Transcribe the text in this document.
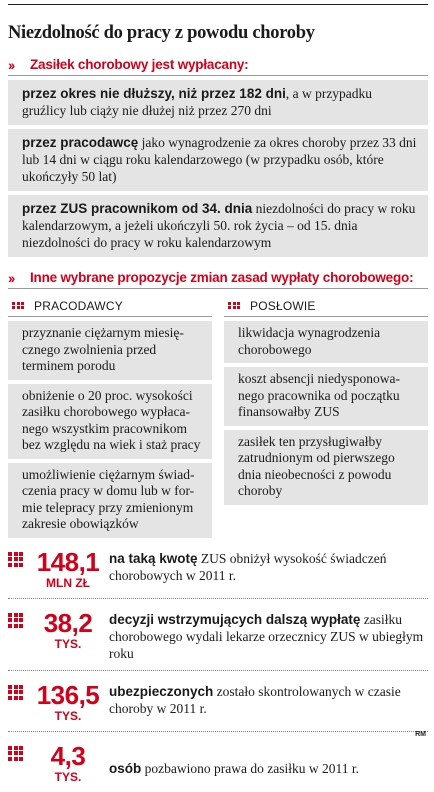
Niezdolność do pracy z powodu choroby
››	Zasiłek chorobowy jest wypłacany:
przez okres nie dłuższy, niż przez 182 dni, a w przypadku gruźlicy lub ciąży nie dłużej niż przez 270 dni
przez pracodawcę jako wynagrodzenie za okres choroby przez 33 dni lub 14 dni w ciągu roku kalendarzowego (w przypadku osób, które ukończyły 50 lat)
przez ZUS pracownikom od 34. dnia niezdolności do pracy w roku kalendarzowym, a jeżeli ukończyli 50. rok życia – od 15. dnia niezdolności do pracy w roku kalendarzowym
››	Inne wybrane propozycje zmian zasad wypłaty chorobowego:
PRACODAWCY
przyznanie ciężarnym miesię-cznego zwolnienia przed terminem porodu
obniżenie o 20 proc. wysokości zasiłku chorobowego wypłaca-nego wszystkim pracownikom bez względu na wiek i staż pracy
umożliwienie ciężarnym świad-czenia pracy w domu lub w for-mie telepracy przy zmienionym zakresie obowiązków
POSŁOWIE
likwidacja wynagrodzenia chorobowego
koszt absencji niedysponowa-nego pracownika od początku finansowałby ZUS
zasiłek ten przysługiwałby zatrudnionym od pierwszego dnia nieobecności z powodu choroby
148,1
MLN ZŁ
na taką kwotę ZUS obniżył wysokość świadczeń chorobowych w 2011 r.
38,2
TYS.
decyzji wstrzymujących dalszą wypłatę zasiłku chorobowego wydali lekarze orzecznicy ZUS w ubiegłym roku
136,5
TYS.
ubezpieczonych zostało skontrolowanych w czasie choroby w 2011 r.
4,3
TYS.
osób pozbawiono prawa do zasiłku w 2011 r.
RM
